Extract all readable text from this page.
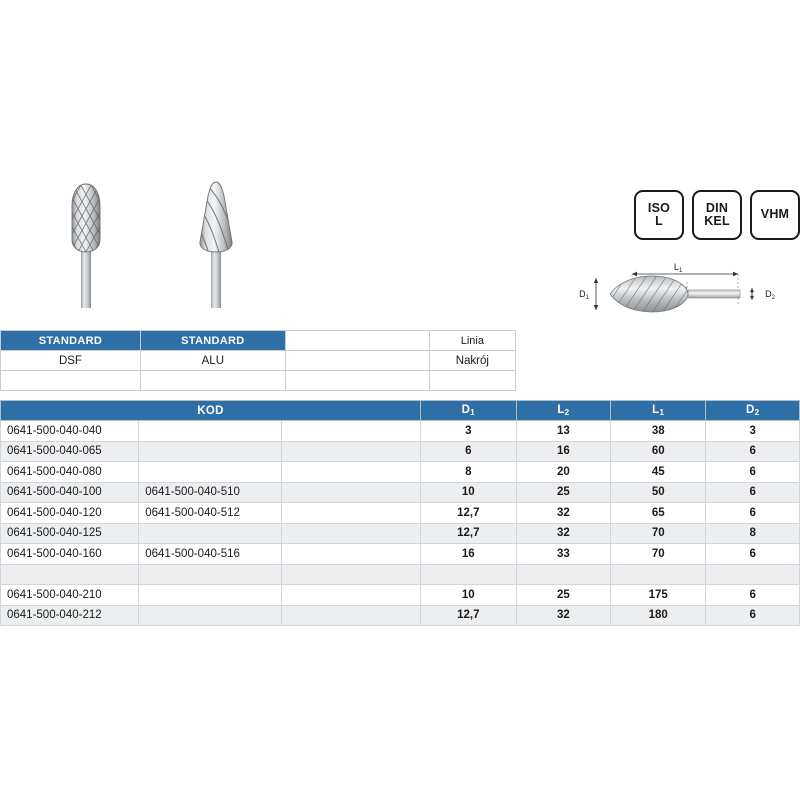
ISO
L
DIN
KEL VHM
$L_1$
$D_1$	$D_2$
STANDARD	STANDARD		Linia
DSF	ALU		Nakrój

KOD			$D_1$	$L_2$	$L_1$	$D_2$
0641-500-040-040			3	13	38	3
0641-500-040-065			6	16	60	6
0641-500-040-080			8	20	45	6
0641-500-040-100	0641-500-040-510		10	25	50	6
0641-500-040-120	0641-500-040-512		12,7	32	65	6
0641-500-040-125			12,7	32	70	8
0641-500-040-160	0641-500-040-516		16	33	70	6

0641-500-040-210			10	25	175	6
0641-500-040-212			12,7	32	180	6
